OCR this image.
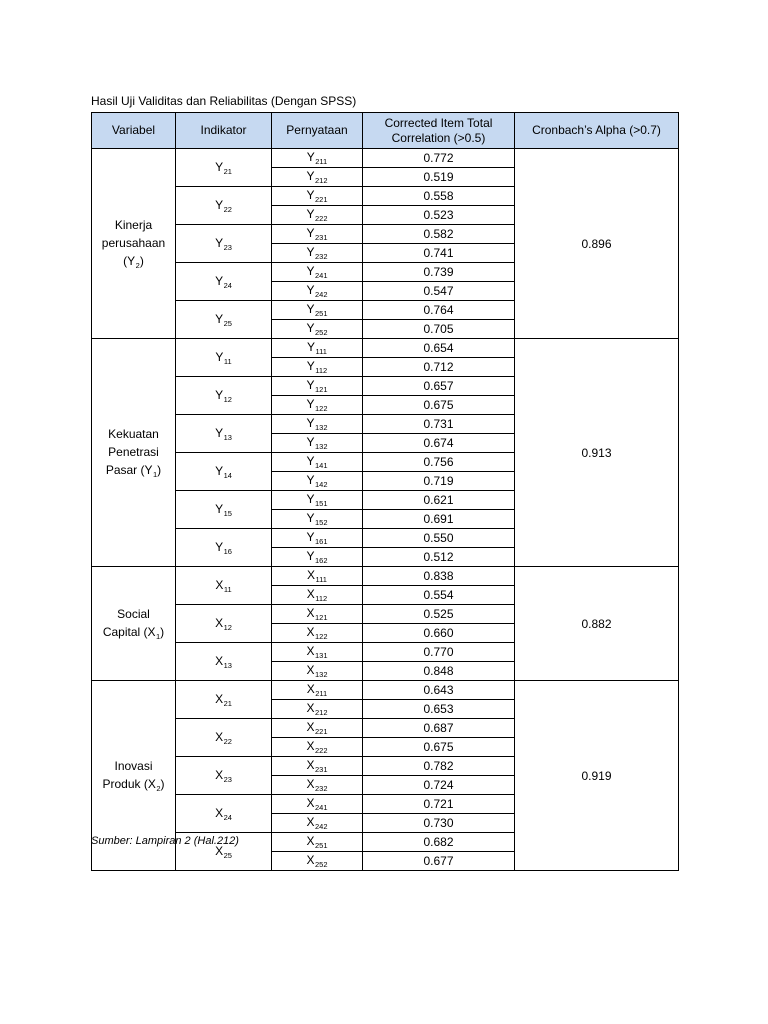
Hasil Uji Validitas dan Reliabilitas (Dengan SPSS)
Variabel	Indikator	Pernyataan	Corrected Item Total Correlation (>0.5)	Cronbach’s Alpha (>0.7)

Kinerja
perusahaan
$(Y_2)$	$Y_{21}$	$Y_{211}$	0.772	0.896
		$Y_{212}$	0.519	
	$Y_{22}$	$Y_{221}$	0.558	
		$Y_{222}$	0.523	
	$Y_{23}$	$Y_{231}$	0.582	
		$Y_{232}$	0.741	
	$Y_{24}$	$Y_{241}$	0.739	
		$Y_{242}$	0.547	
	$Y_{25}$	$Y_{251}$	0.764	
		$Y_{252}$	0.705	

Kekuatan
Penetrasi
Pasar $(Y_1)$	$Y_{11}$	$Y_{111}$	0.654	0.913
		$Y_{112}$	0.712	
	$Y_{12}$	$Y_{121}$	0.657	
		$Y_{122}$	0.675	
	$Y_{13}$	$Y_{132}$	0.731	
		$Y_{132}$	0.674	
	$Y_{14}$	$Y_{141}$	0.756	
		$Y_{142}$	0.719	
	$Y_{15}$	$Y_{151}$	0.621	
		$Y_{152}$	0.691	
	$Y_{16}$	$Y_{161}$	0.550	
		$Y_{162}$	0.512	

Social
Capital $(X_1)$	$X_{11}$	$X_{111}$	0.838	0.882
		$X_{112}$	0.554	
	$X_{12}$	$X_{121}$	0.525	
		$X_{122}$	0.660	
	$X_{13}$	$X_{131}$	0.770	
		$X_{132}$	0.848	

Inovasi
Produk $(X_2)$	$X_{21}$	$X_{211}$	0.643	0.919
		$X_{212}$	0.653	
	$X_{22}$	$X_{221}$	0.687	
		$X_{222}$	0.675	
	$X_{23}$	$X_{231}$	0.782	
		$X_{232}$	0.724	
	$X_{24}$	$X_{241}$	0.721	
		$X_{242}$	0.730	
	$X_{25}$	$X_{251}$	0.682	
		$X_{252}$	0.677	
Sumber: Lampiran 2 (Hal.212)
